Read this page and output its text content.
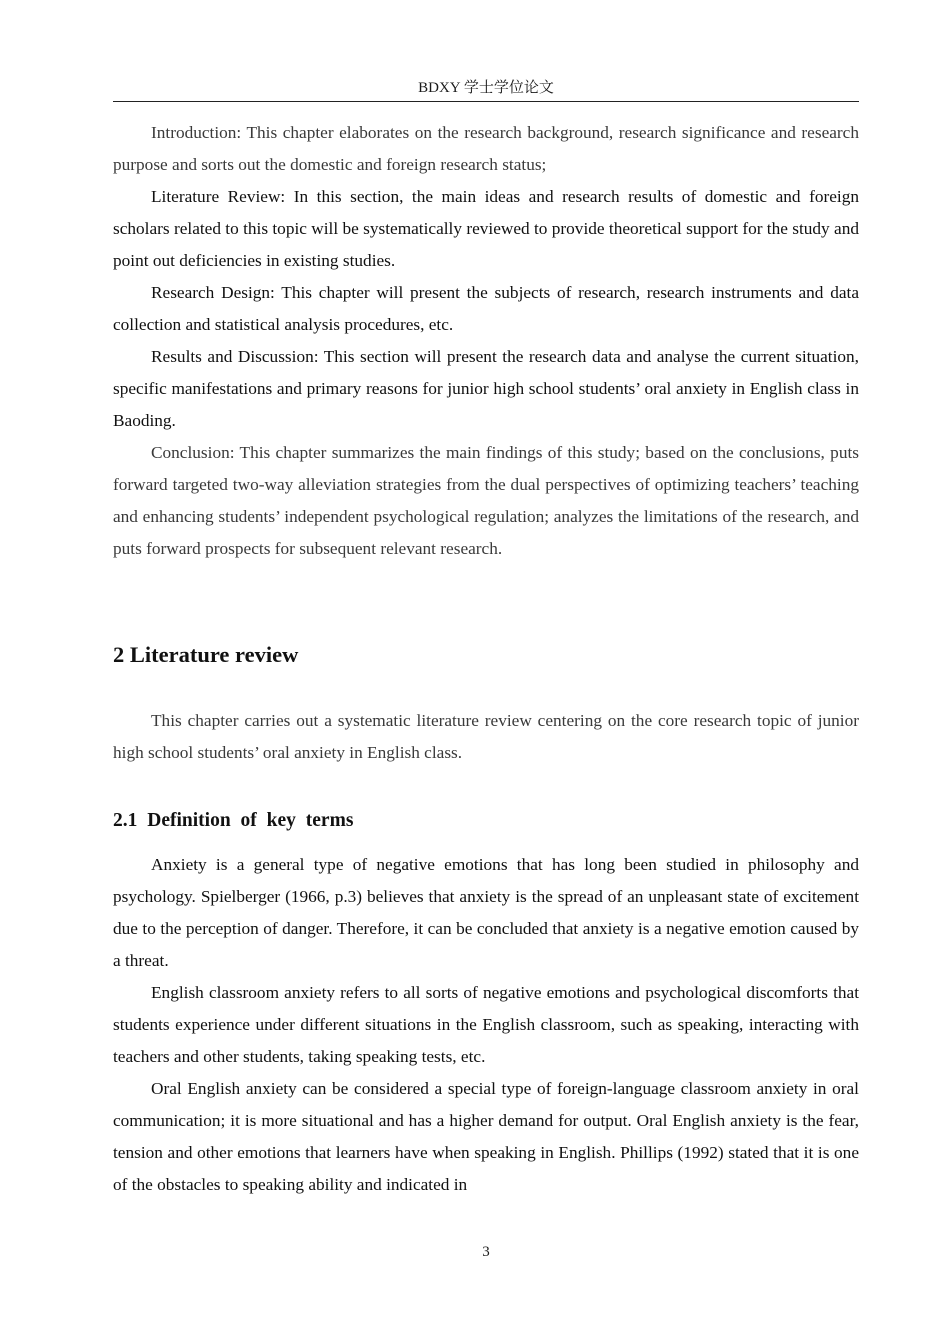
BDXY 学士学位论文

Introduction: This chapter elaborates on the research background, research significance and research purpose and sorts out the domestic and foreign research status;

Literature Review: In this section, the main ideas and research results of domestic and foreign scholars related to this topic will be systematically reviewed to provide theoretical support for the study and point out deficiencies in existing studies.

Research Design: This chapter will present the subjects of research, research instruments and data collection and statistical analysis procedures, etc.

Results and Discussion: This section will present the research data and analyse the current situation, specific manifestations and primary reasons for junior high school students’ oral anxiety in English class in Baoding.

Conclusion: This chapter summarizes the main findings of this study; based on the conclusions, puts forward targeted two-way alleviation strategies from the dual perspectives of optimizing teachers’ teaching and enhancing students’ independent psychological regulation; analyzes the limitations of the research, and puts forward prospects for subsequent relevant research.

2 Literature review

This chapter carries out a systematic literature review centering on the core research topic of junior high school students’ oral anxiety in English class.

2.1 Definition of key terms

Anxiety is a general type of negative emotions that has long been studied in philosophy and psychology. Spielberger (1966, p.3) believes that anxiety is the spread of an unpleasant state of excitement due to the perception of danger. Therefore, it can be concluded that anxiety is a negative emotion caused by a threat.

English classroom anxiety refers to all sorts of negative emotions and psychological discomforts that students experience under different situations in the English classroom, such as speaking, interacting with teachers and other students, taking speaking tests, etc.

Oral English anxiety can be considered a special type of foreign-language classroom anxiety in oral communication; it is more situational and has a higher demand for output. Oral English anxiety is the fear, tension and other emotions that learners have when speaking in English. Phillips (1992) stated that it is one of the obstacles to speaking ability and indicated in

3
